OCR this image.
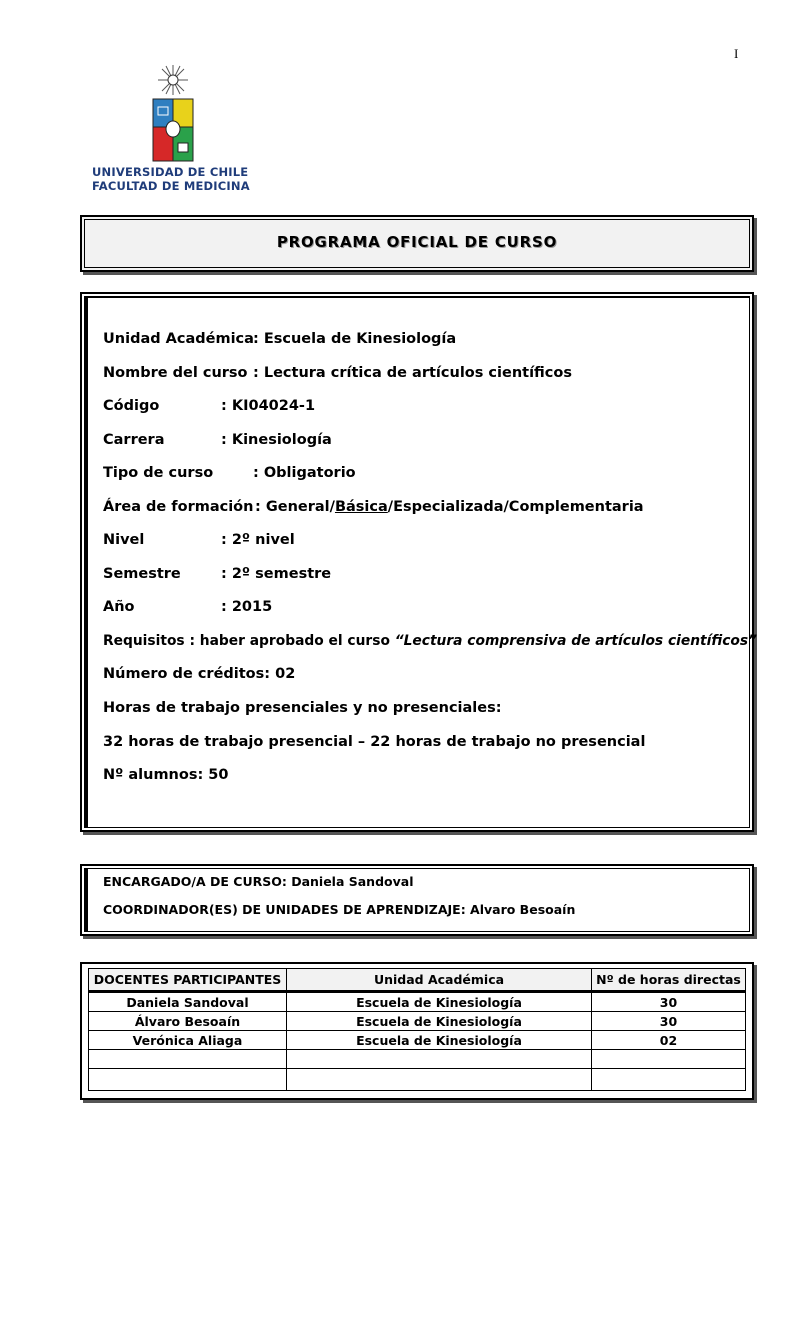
I
UNIVERSIDAD DE CHILE
FACULTAD DE MEDICINA
PROGRAMA OFICIAL DE CURSO
Unidad Académica: Escuela de Kinesiología
Nombre del curso : Lectura crítica de artículos científicos
Código	: KI04024-1
Carrera	: Kinesiología
Tipo de curso	: Obligatorio
Área de formación : General/Básica/Especializada/Complementaria
Nivel	: 2º nivel
Semestre	: 2º semestre
Año	: 2015
Requisitos : haber aprobado el curso “Lectura comprensiva de artículos científicos”
Número de créditos: 02
Horas de trabajo presenciales y no presenciales:
32 horas de trabajo presencial – 22 horas de trabajo no presencial
Nº alumnos: 50
ENCARGADO/A DE CURSO: Daniela Sandoval
COORDINADOR(ES) DE UNIDADES DE APRENDIZAJE: Alvaro Besoaín
DOCENTES PARTICIPANTES	Unidad Académica	Nº de horas directas
Daniela Sandoval	Escuela de Kinesiología	30
Álvaro Besoaín	Escuela de Kinesiología	30
Verónica Aliaga	Escuela de Kinesiología	02
